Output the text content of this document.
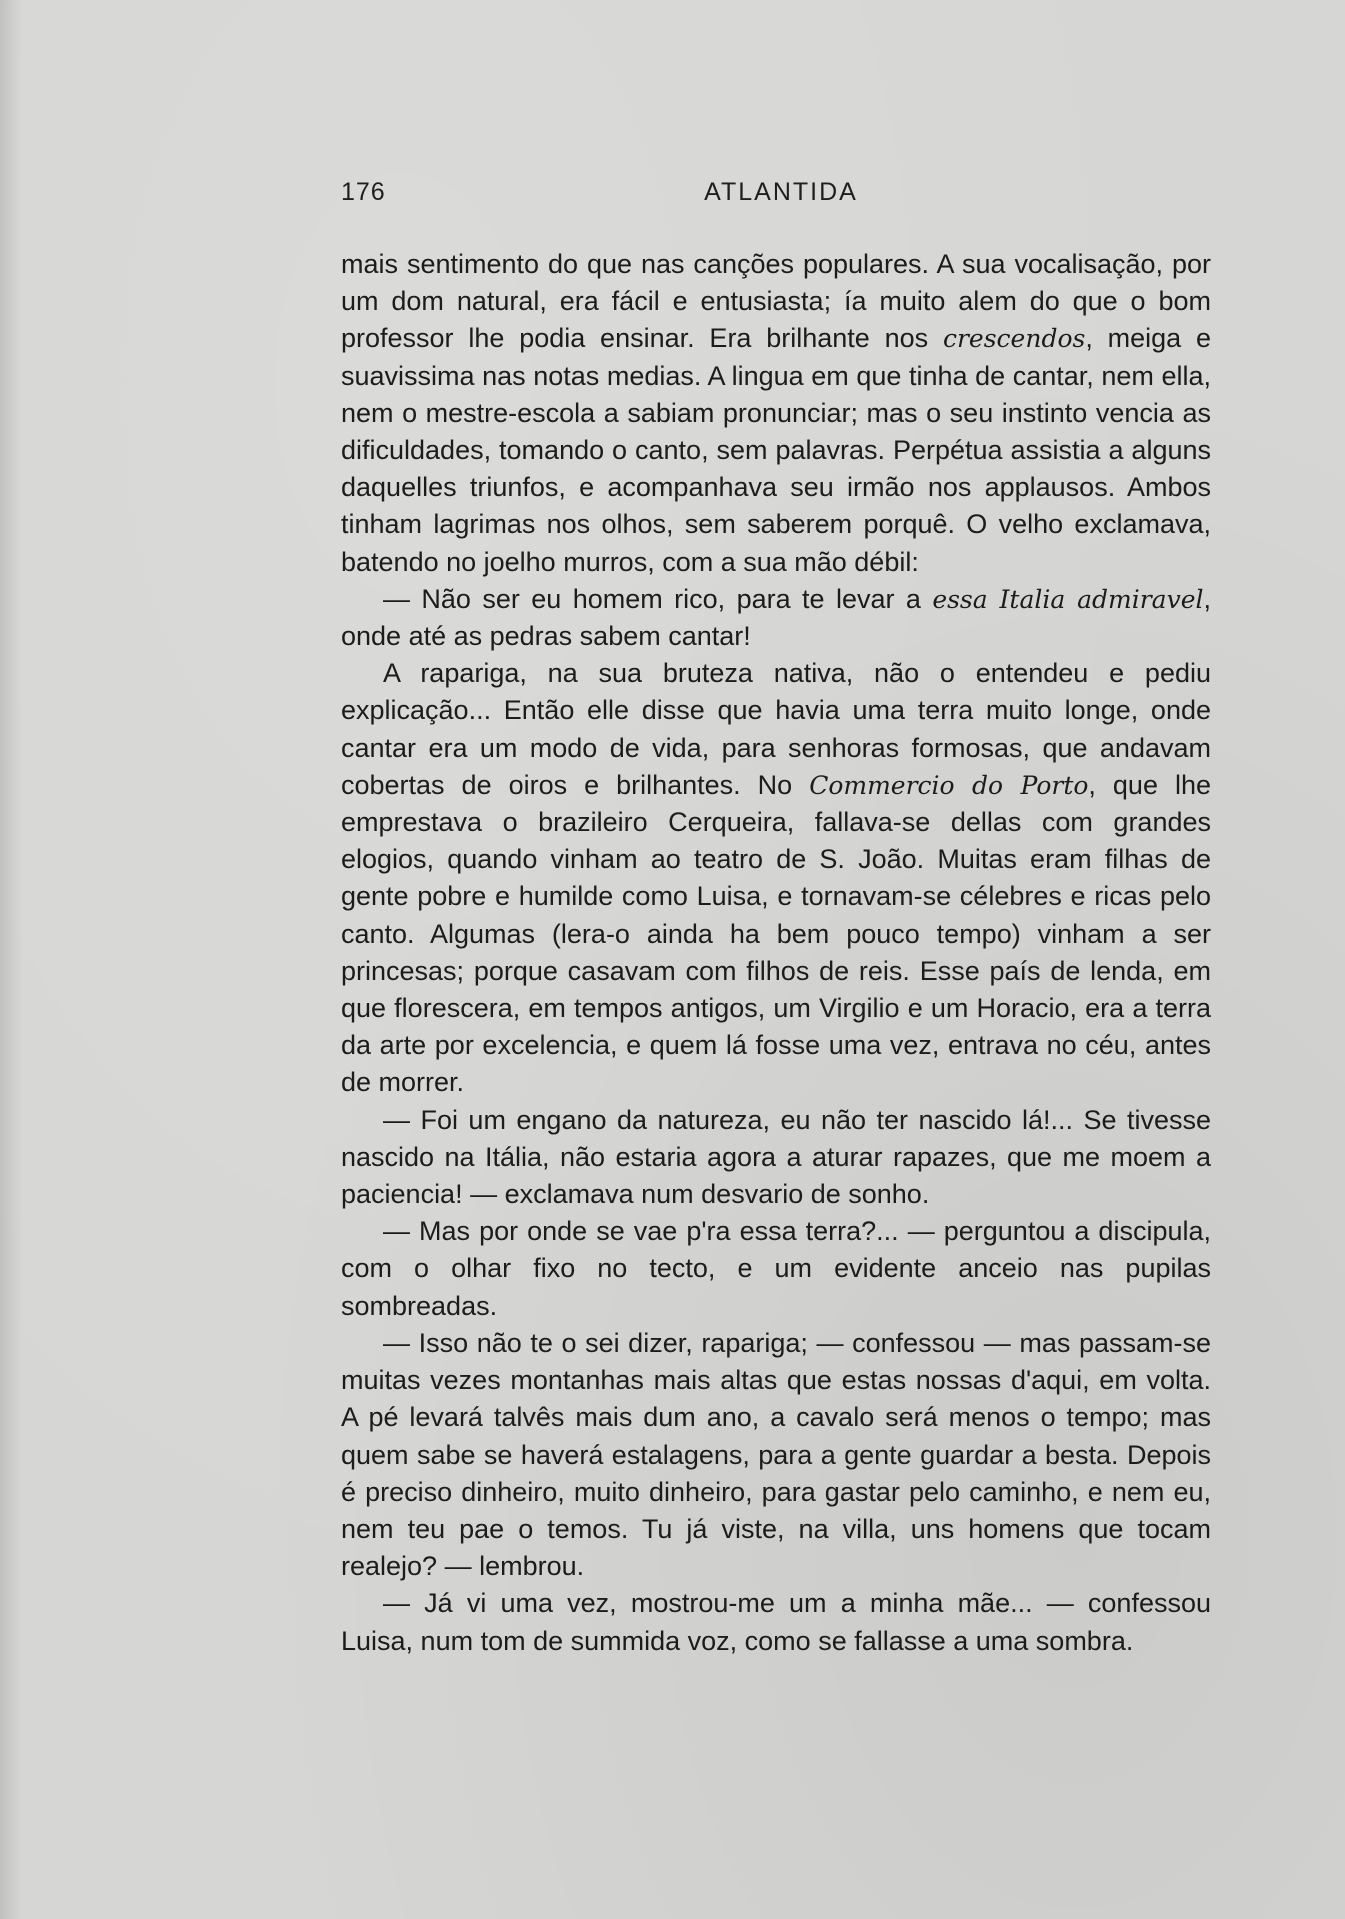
176	ATLANTIDA

mais sentimento do que nas canções populares. A sua vocalisação, por um dom natural, era fácil e entusiasta; ía muito alem do que o bom professor lhe podia ensinar. Era brilhante nos crescendos, meiga e suavissima nas notas medias. A lingua em que tinha de cantar, nem ella, nem o mestre-escola a sabiam pronunciar; mas o seu instinto vencia as dificuldades, tomando o canto, sem palavras. Perpétua assistia a alguns daquelles triunfos, e acompanhava seu irmão nos applausos. Ambos tinham lagrimas nos olhos, sem saberem porquê. O velho exclamava, batendo no joelho murros, com a sua mão débil:

— Não ser eu homem rico, para te levar a essa Italia admiravel, onde até as pedras sabem cantar!

A rapariga, na sua bruteza nativa, não o entendeu e pediu explicação... Então elle disse que havia uma terra muito longe, onde cantar era um modo de vida, para senhoras formosas, que andavam cobertas de oiros e brilhantes. No Commercio do Porto, que lhe emprestava o brazileiro Cerqueira, fallava-se dellas com grandes elogios, quando vinham ao teatro de S. João. Muitas eram filhas de gente pobre e humilde como Luisa, e tornavam-se célebres e ricas pelo canto. Algumas (lera-o ainda ha bem pouco tempo) vinham a ser princesas; porque casavam com filhos de reis. Esse país de lenda, em que florescera, em tempos antigos, um Virgilio e um Horacio, era a terra da arte por excelencia, e quem lá fosse uma vez, entrava no céu, antes de morrer.

— Foi um engano da natureza, eu não ter nascido lá!... Se tivesse nascido na Itália, não estaria agora a aturar rapazes, que me moem a paciencia! — exclamava num desvario de sonho.

— Mas por onde se vae p'ra essa terra?... — perguntou a discipula, com o olhar fixo no tecto, e um evidente anceio nas pupilas sombreadas.

— Isso não te o sei dizer, rapariga; — confessou — mas passam-se muitas vezes montanhas mais altas que estas nossas d'aqui, em volta. A pé levará talvês mais dum ano, a cavalo será menos o tempo; mas quem sabe se haverá estalagens, para a gente guardar a besta. Depois é preciso dinheiro, muito dinheiro, para gastar pelo caminho, e nem eu, nem teu pae o temos. Tu já viste, na villa, uns homens que tocam realejo? — lembrou.

— Já vi uma vez, mostrou-me um a minha mãe... — confessou Luisa, num tom de summida voz, como se fallasse a uma sombra.
